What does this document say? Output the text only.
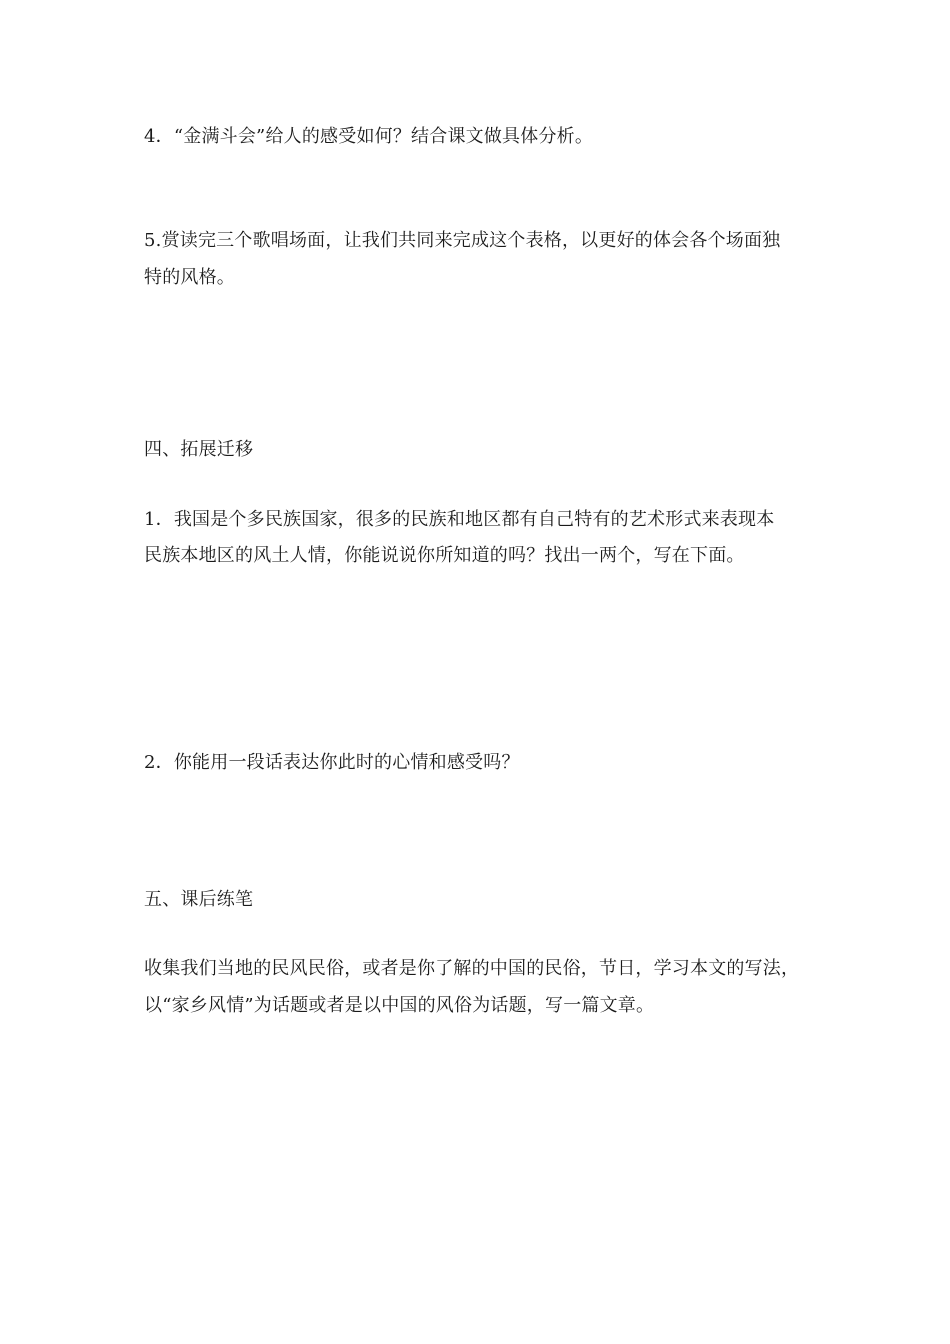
4．“金满斗会”给人的感受如何？结合课文做具体分析。
5.赏读完三个歌唱场面，让我们共同来完成这个表格，以更好的体会各个场面独
特的风格。
四、拓展迁移
1．我国是个多民族国家，很多的民族和地区都有自己特有的艺术形式来表现本
民族本地区的风土人情，你能说说你所知道的吗？找出一两个，写在下面。
2．你能用一段话表达你此时的心情和感受吗？
五、课后练笔
收集我们当地的民风民俗，或者是你了解的中国的民俗，节日，学习本文的写法，
以“家乡风情”为话题或者是以中国的风俗为话题，写一篇文章。
